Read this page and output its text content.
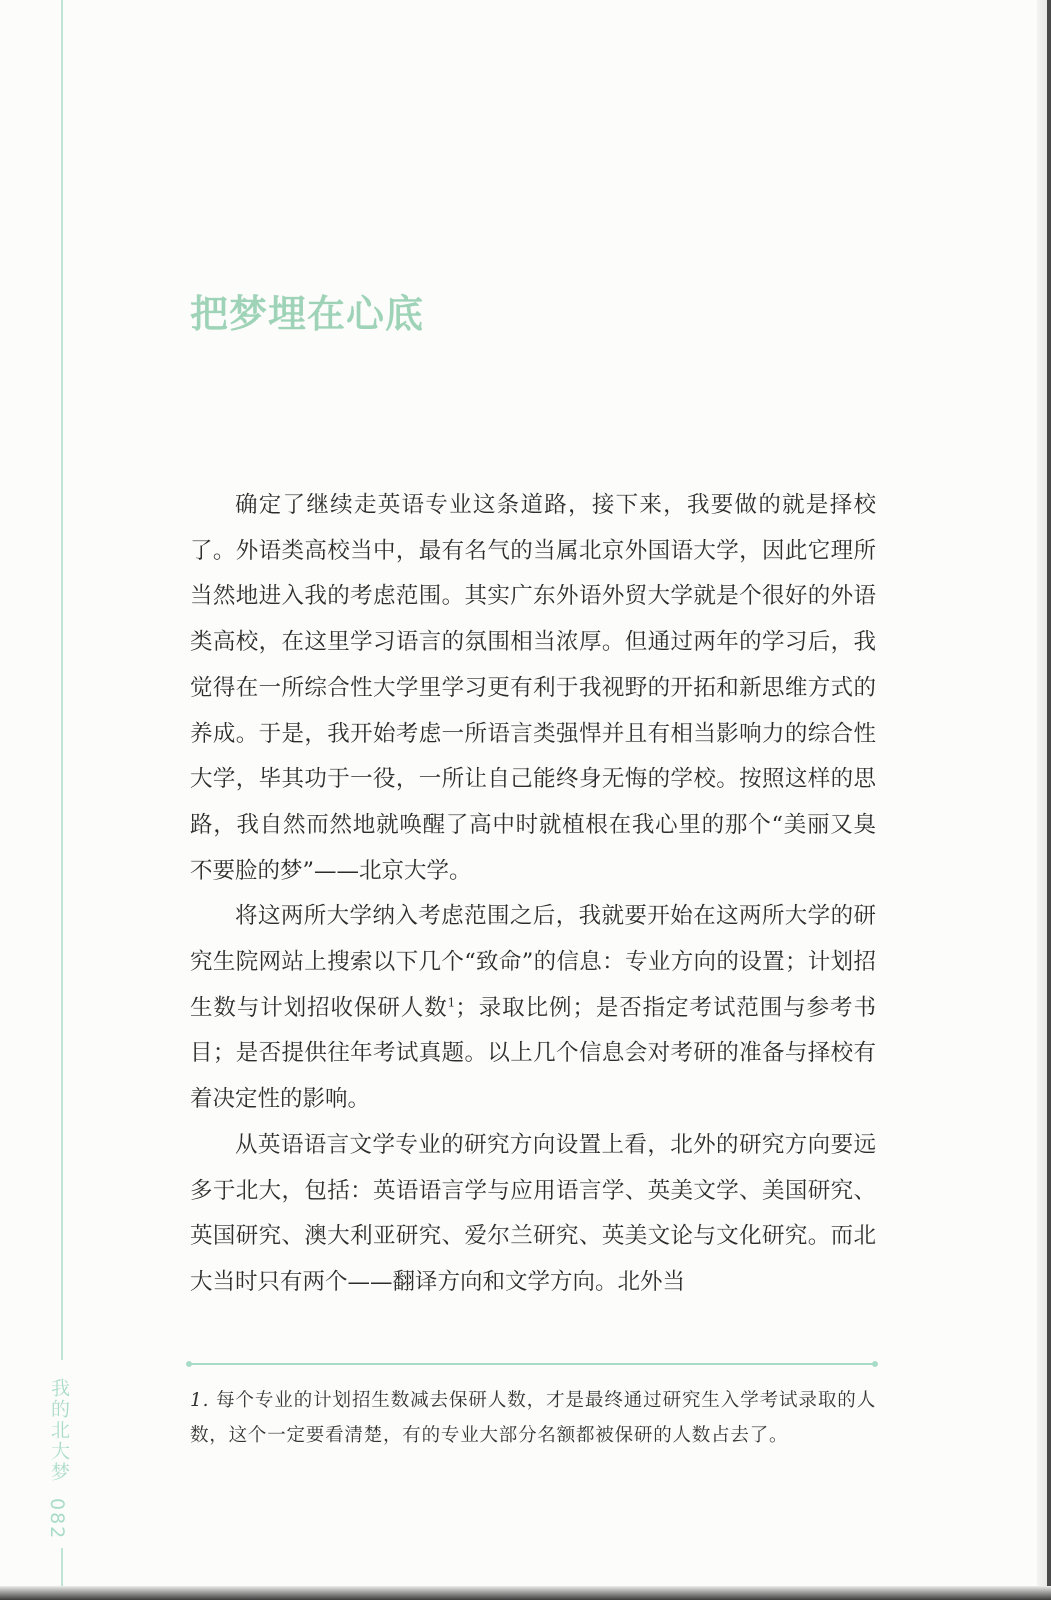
把梦埋在心底

确定了继续走英语专业这条道路，接下来，我要做的就是择校了。外语类高校当中，最有名气的当属北京外国语大学，因此它理所当然地进入我的考虑范围。其实广东外语外贸大学就是个很好的外语类高校，在这里学习语言的氛围相当浓厚。但通过两年的学习后，我觉得在一所综合性大学里学习更有利于我视野的开拓和新思维方式的养成。于是，我开始考虑一所语言类强悍并且有相当影响力的综合性大学，毕其功于一役，一所让自己能终身无悔的学校。按照这样的思路，我自然而然地就唤醒了高中时就植根在我心里的那个“美丽又臭不要脸的梦”——北京大学。

将这两所大学纳入考虑范围之后，我就要开始在这两所大学的研究生院网站上搜索以下几个“致命”的信息：专业方向的设置；计划招生数与计划招收保研人数$^1$；录取比例；是否指定考试范围与参考书目；是否提供往年考试真题。以上几个信息会对考研的准备与择校有着决定性的影响。

从英语语言文学专业的研究方向设置上看，北外的研究方向要远多于北大，包括：英语语言学与应用语言学、英美文学、美国研究、英国研究、澳大利亚研究、爱尔兰研究、英美文论与文化研究。而北大当时只有两个——翻译方向和文学方向。北外当

1. 每个专业的计划招生数减去保研人数，才是最终通过研究生入学考试录取的人数，这个一定要看清楚，有的专业大部分名额都被保研的人数占去了。
我的北大梦
082
